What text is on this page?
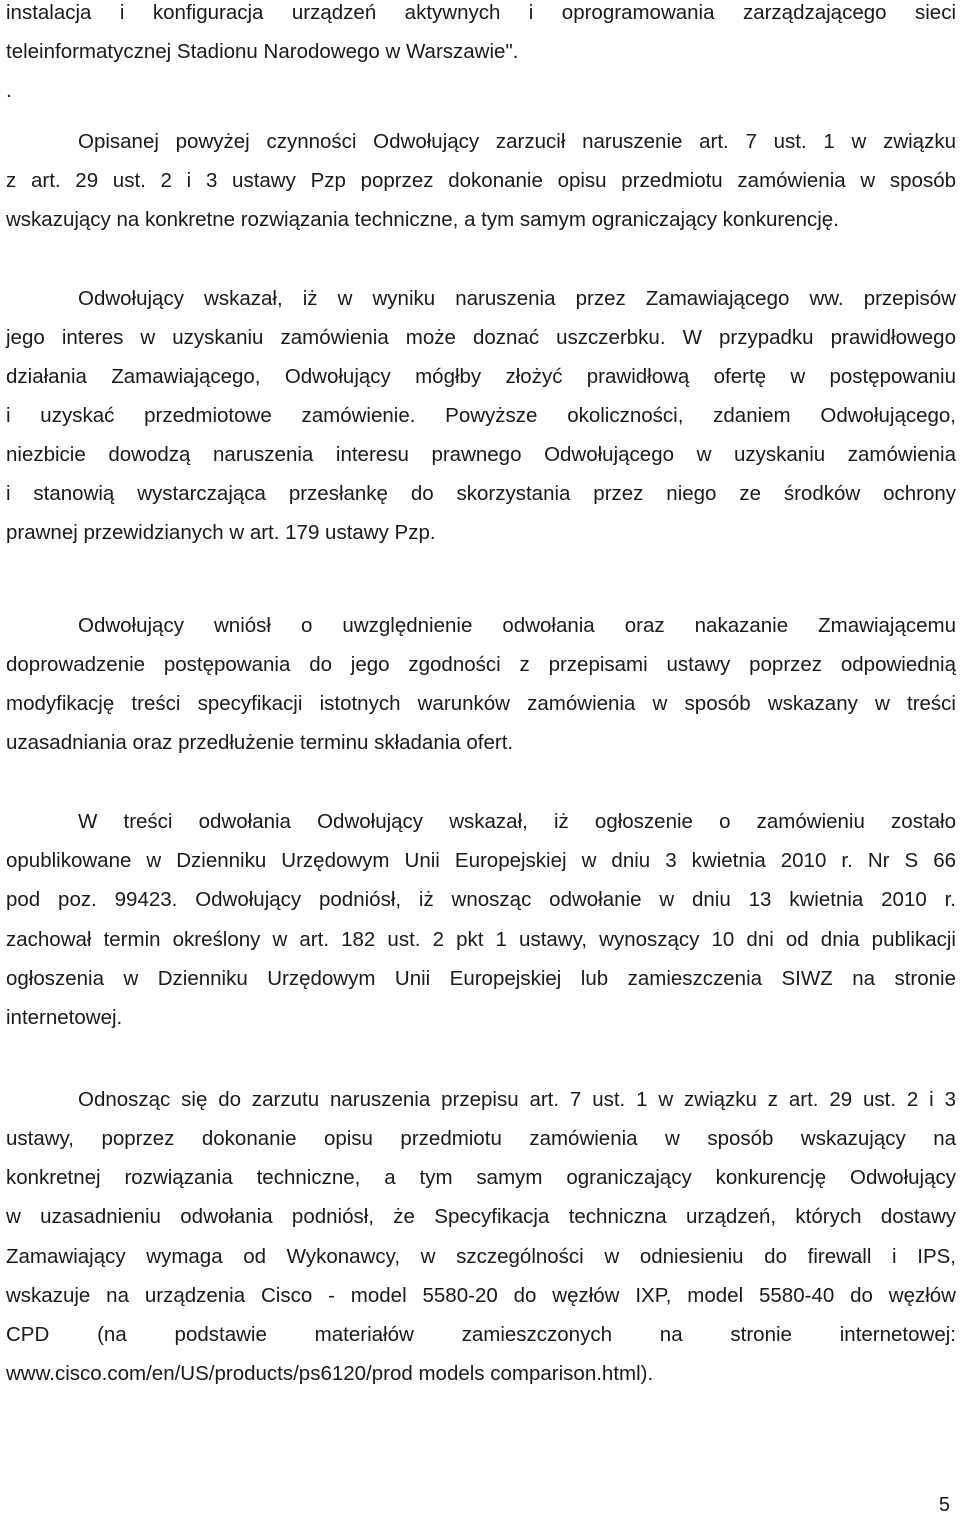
instalacja i konfiguracja urządzeń aktywnych i oprogramowania zarządzającego sieci
teleinformatycznej Stadionu Narodowego w Warszawie".
.
Opisanej powyżej czynności Odwołujący zarzucił naruszenie art. 7 ust. 1 w związku
z art. 29 ust. 2 i 3 ustawy Pzp poprzez dokonanie opisu przedmiotu zamówienia w sposób
wskazujący na konkretne rozwiązania techniczne, a tym samym ograniczający konkurencję.
Odwołujący wskazał, iż w wyniku naruszenia przez Zamawiającego ww. przepisów
jego interes w uzyskaniu zamówienia może doznać uszczerbku. W przypadku prawidłowego
działania Zamawiającego, Odwołujący mógłby złożyć prawidłową ofertę w postępowaniu
i uzyskać przedmiotowe zamówienie. Powyższe okoliczności, zdaniem Odwołującego,
niezbicie dowodzą naruszenia interesu prawnego Odwołującego w uzyskaniu zamówienia
i stanowią wystarczająca przesłankę do skorzystania przez niego ze środków ochrony
prawnej przewidzianych w art. 179 ustawy Pzp.
Odwołujący wniósł o uwzględnienie odwołania oraz nakazanie Zmawiającemu
doprowadzenie postępowania do jego zgodności z przepisami ustawy poprzez odpowiednią
modyfikację treści specyfikacji istotnych warunków zamówienia w sposób wskazany w treści
uzasadniania oraz przedłużenie terminu składania ofert.
W treści odwołania Odwołujący wskazał, iż ogłoszenie o zamówieniu zostało
opublikowane w Dzienniku Urzędowym Unii Europejskiej w dniu 3 kwietnia 2010 r. Nr S 66
pod poz. 99423. Odwołujący podniósł, iż wnosząc odwołanie w dniu 13 kwietnia 2010 r.
zachował termin określony w art. 182 ust. 2 pkt 1 ustawy, wynoszący 10 dni od dnia publikacji
ogłoszenia w Dzienniku Urzędowym Unii Europejskiej lub zamieszczenia SIWZ na stronie
internetowej.
Odnosząc się do zarzutu naruszenia przepisu art. 7 ust. 1 w związku z art. 29 ust. 2 i 3
ustawy, poprzez dokonanie opisu przedmiotu zamówienia w sposób wskazujący na
konkretnej rozwiązania techniczne, a tym samym ograniczający konkurencję Odwołujący
w uzasadnieniu odwołania podniósł, że Specyfikacja techniczna urządzeń, których dostawy
Zamawiający wymaga od Wykonawcy, w szczególności w odniesieniu do firewall i IPS,
wskazuje na urządzenia Cisco - model 5580-20 do węzłów IXP, model 5580-40 do węzłów
CPD (na podstawie materiałów zamieszczonych na stronie internetowej:
www.cisco.com/en/US/products/ps6120/prod models comparison.html).
5
